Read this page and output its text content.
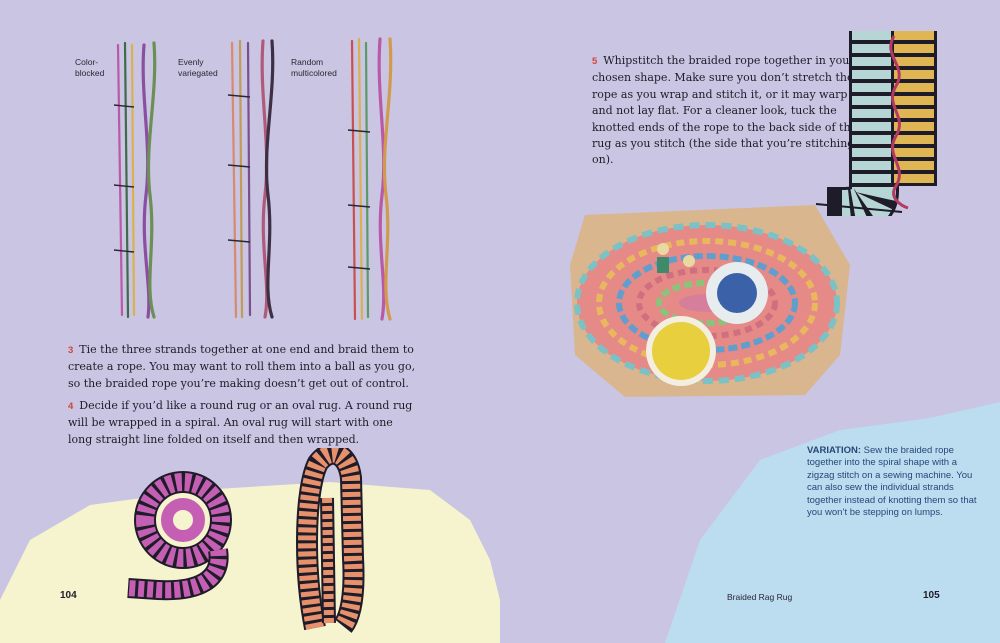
Color-
blocked
Evenly
variegated
Random
multicolored
3 Tie the three strands together at one end and braid them to create a rope. You may want to roll them into a ball as you go, so the braided rope you’re making doesn’t get out of control.
4 Decide if you’d like a round rug or an oval rug. A round rug will be wrapped in a spiral. An oval rug will start with one long straight line folded on itself and then wrapped.
104	Braided Rag Rug	105
5 Whipstitch the braided rope together in your chosen shape. Make sure you don’t stretch the rope as you wrap and stitch it, or it may warp and not lay flat. For a cleaner look, tuck the knotted ends of the rope to the back side of the rug as you stitch (the side that you’re stitching on).
VARIATION: Sew the braided rope together into the spiral shape with a zigzag stitch on a sewing machine. You can also sew the individual strands together instead of knotting them so that you won’t be stepping on lumps.
